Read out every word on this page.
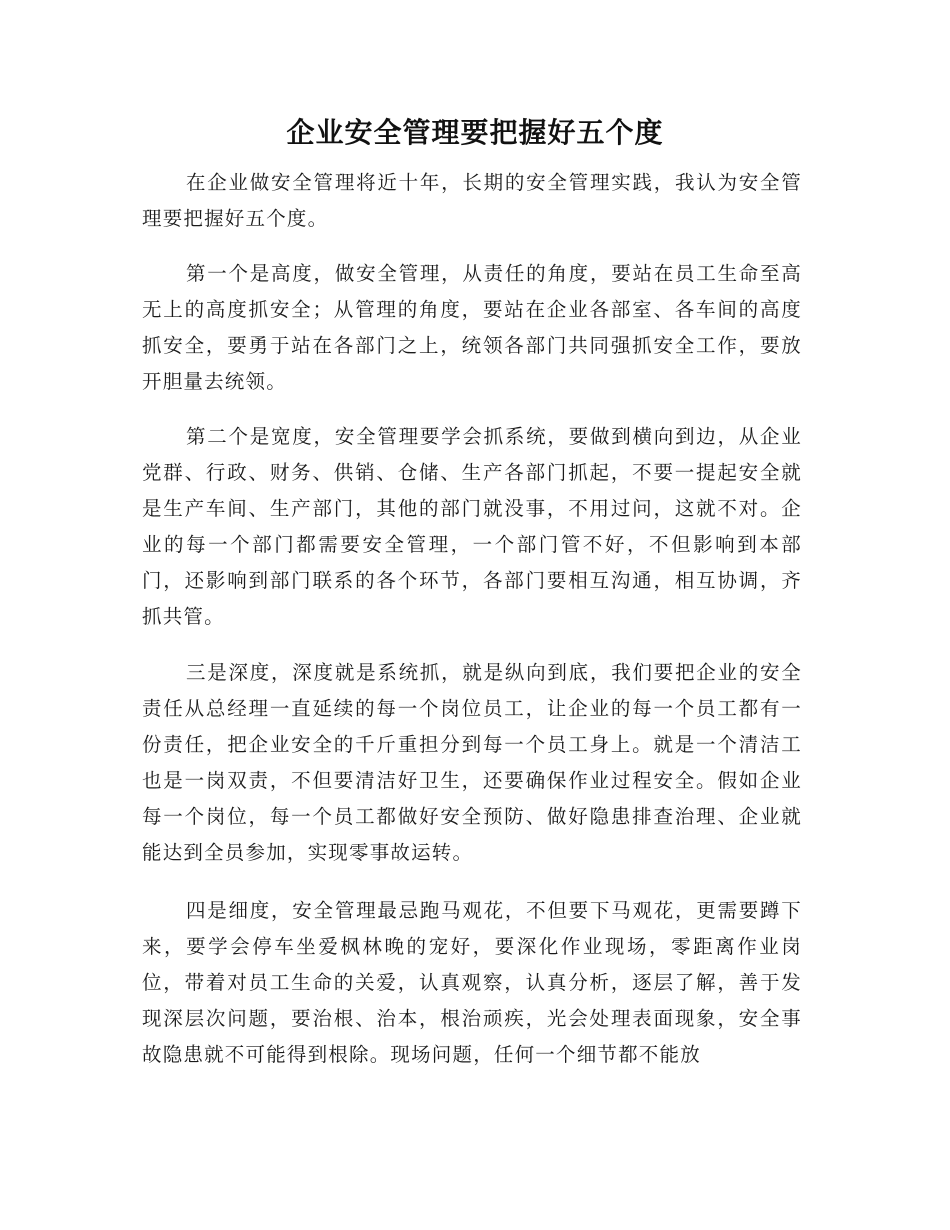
企业安全管理要把握好五个度

在企业做安全管理将近十年，长期的安全管理实践，我认为安全管理要把握好五个度。

第一个是高度，做安全管理，从责任的角度，要站在员工生命至高无上的高度抓安全；从管理的角度，要站在企业各部室、各车间的高度抓安全，要勇于站在各部门之上，统领各部门共同强抓安全工作，要放开胆量去统领。

第二个是宽度，安全管理要学会抓系统，要做到横向到边，从企业党群、行政、财务、供销、仓储、生产各部门抓起，不要一提起安全就是生产车间、生产部门，其他的部门就没事，不用过问，这就不对。企业的每一个部门都需要安全管理，一个部门管不好，不但影响到本部门，还影响到部门联系的各个环节，各部门要相互沟通，相互协调，齐抓共管。

三是深度，深度就是系统抓，就是纵向到底，我们要把企业的安全责任从总经理一直延续的每一个岗位员工，让企业的每一个员工都有一份责任，把企业安全的千斤重担分到每一个员工身上。就是一个清洁工也是一岗双责，不但要清洁好卫生，还要确保作业过程安全。假如企业每一个岗位，每一个员工都做好安全预防、做好隐患排查治理、企业就能达到全员参加，实现零事故运转。

四是细度，安全管理最忌跑马观花，不但要下马观花，更需要蹲下来，要学会停车坐爱枫林晚的宠好，要深化作业现场，零距离作业岗位，带着对员工生命的关爱，认真观察，认真分析，逐层了解，善于发现深层次问题，要治根、治本，根治顽疾，光会处理表面现象，安全事故隐患就不可能得到根除。现场问题，任何一个细节都不能放
